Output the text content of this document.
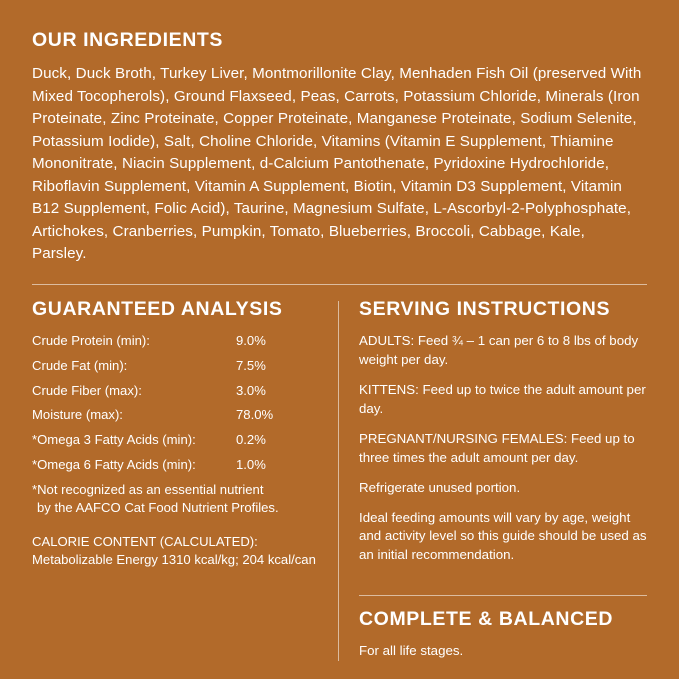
OUR INGREDIENTS

Duck, Duck Broth, Turkey Liver, Montmorillonite Clay, Menhaden Fish Oil (preserved With Mixed Tocopherols), Ground Flaxseed, Peas, Carrots, Potassium Chloride, Minerals (Iron Proteinate, Zinc Proteinate, Copper Proteinate, Manganese Proteinate, Sodium Selenite, Potassium Iodide), Salt, Choline Chloride, Vitamins (Vitamin E Supplement, Thiamine Mononitrate, Niacin Supplement, d-Calcium Pantothenate, Pyridoxine Hydrochloride, Riboflavin Supplement, Vitamin A Supplement, Biotin, Vitamin D3 Supplement, Vitamin B12 Supplement, Folic Acid), Taurine, Magnesium Sulfate, L-Ascorbyl-2-Polyphosphate, Artichokes, Cranberries, Pumpkin, Tomato, Blueberries, Broccoli, Cabbage, Kale, Parsley.

GUARANTEED ANALYSIS
Crude Protein (min):	9.0%
Crude Fat (min):	7.5%
Crude Fiber (max):	3.0%
Moisture (max):	78.0%
*Omega 3 Fatty Acids (min):	0.2%
*Omega 6 Fatty Acids (min):	1.0%

*Not recognized as an essential nutrient
by the AAFCO Cat Food Nutrient Profiles.

CALORIE CONTENT (CALCULATED):
Metabolizable Energy 1310 kcal/kg; 204 kcal/can
SERVING INSTRUCTIONS

ADULTS: Feed ¾ – 1 can per 6 to 8 lbs of body weight per day.

KITTENS: Feed up to twice the adult amount per day.

PREGNANT/NURSING FEMALES: Feed up to three times the adult amount per day.

Refrigerate unused portion.

Ideal feeding amounts will vary by age, weight and activity level so this guide should be used as an initial recommendation.

COMPLETE & BALANCED

For all life stages.
